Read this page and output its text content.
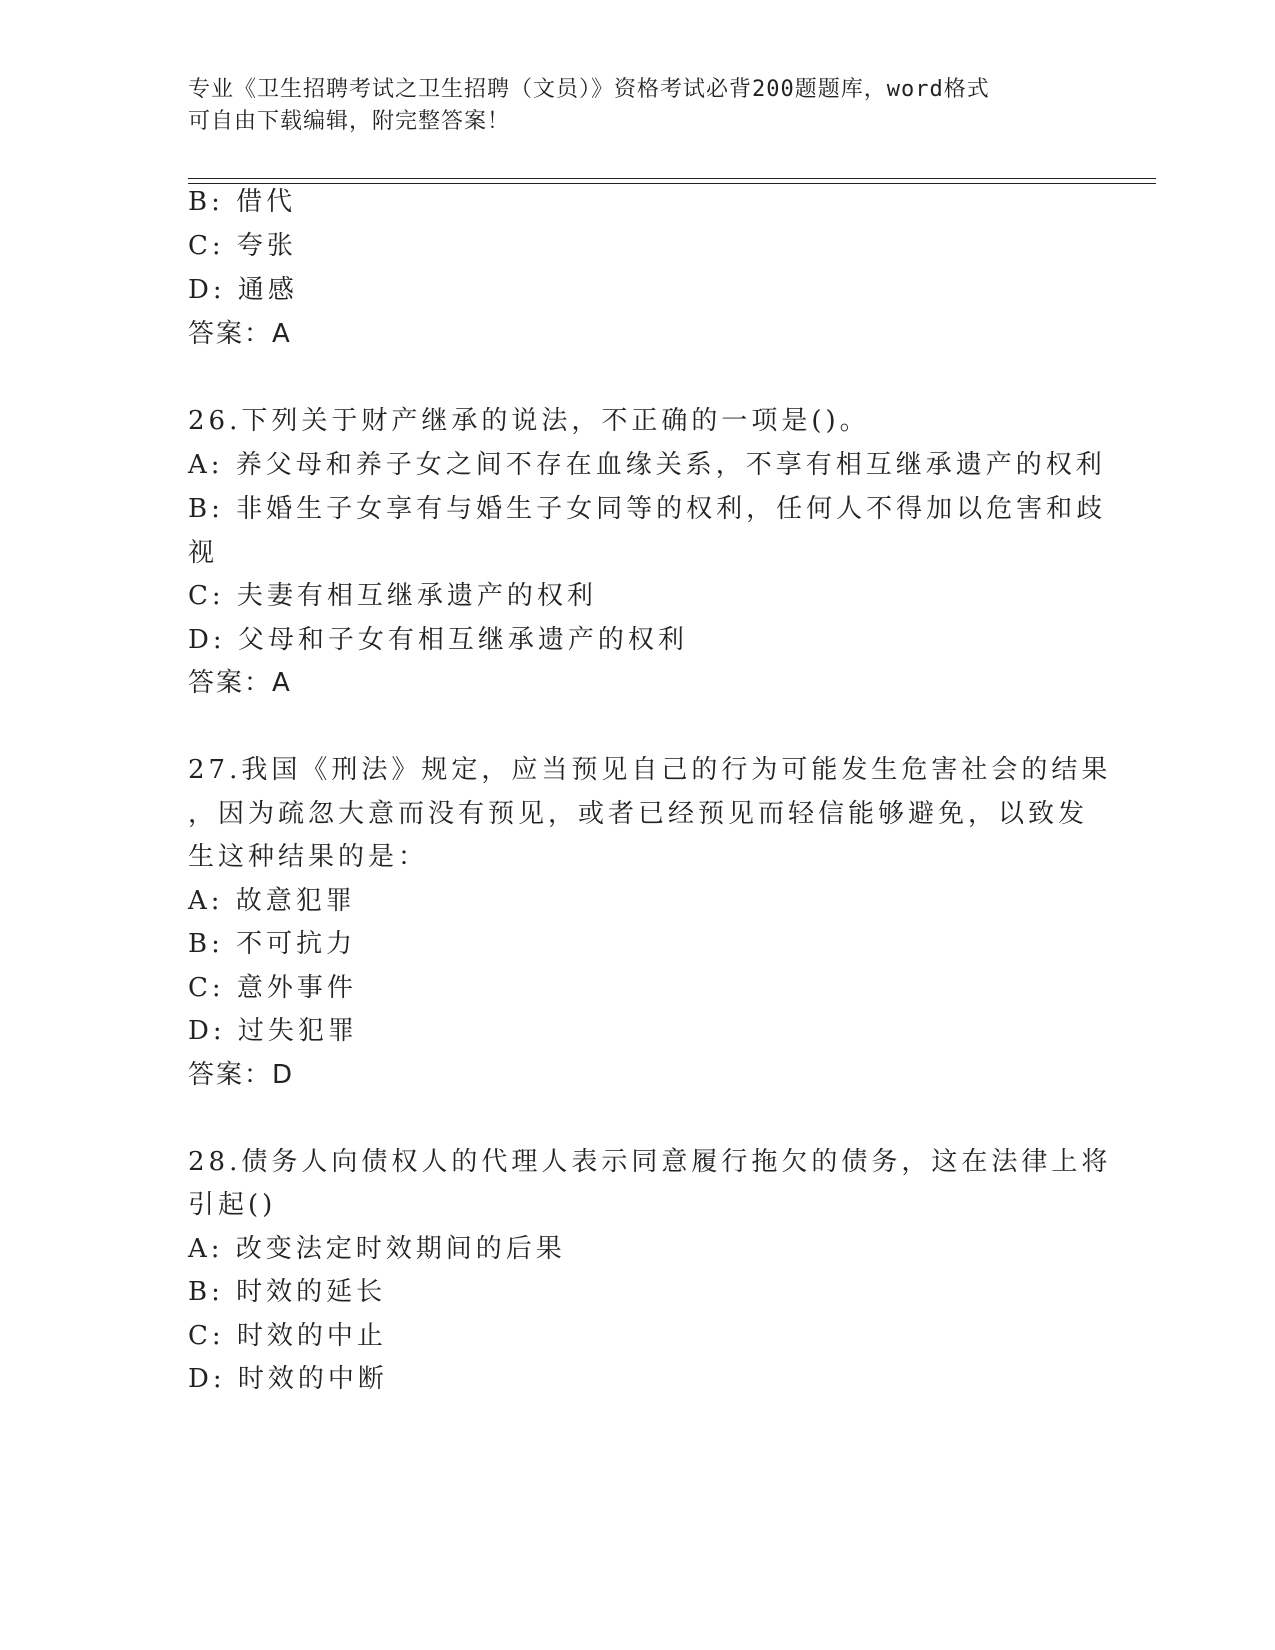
专业《卫生招聘考试之卫生招聘（文员）》资格考试必背200题题库，word格式
可自由下载编辑，附完整答案！
B: 借代
C: 夸张
D: 通感
答案：A
26.下列关于财产继承的说法，不正确的一项是()。
A: 养父母和养子女之间不存在血缘关系，不享有相互继承遗产的权利
B: 非婚生子女享有与婚生子女同等的权利，任何人不得加以危害和歧
视
C: 夫妻有相互继承遗产的权利
D: 父母和子女有相互继承遗产的权利
答案：A
27.我国《刑法》规定，应当预见自己的行为可能发生危害社会的结果
，因为疏忽大意而没有预见，或者已经预见而轻信能够避免，以致发
生这种结果的是：
A: 故意犯罪
B: 不可抗力
C: 意外事件
D: 过失犯罪
答案：D
28.债务人向债权人的代理人表示同意履行拖欠的债务，这在法律上将
引起()
A: 改变法定时效期间的后果
B: 时效的延长
C: 时效的中止
D: 时效的中断
